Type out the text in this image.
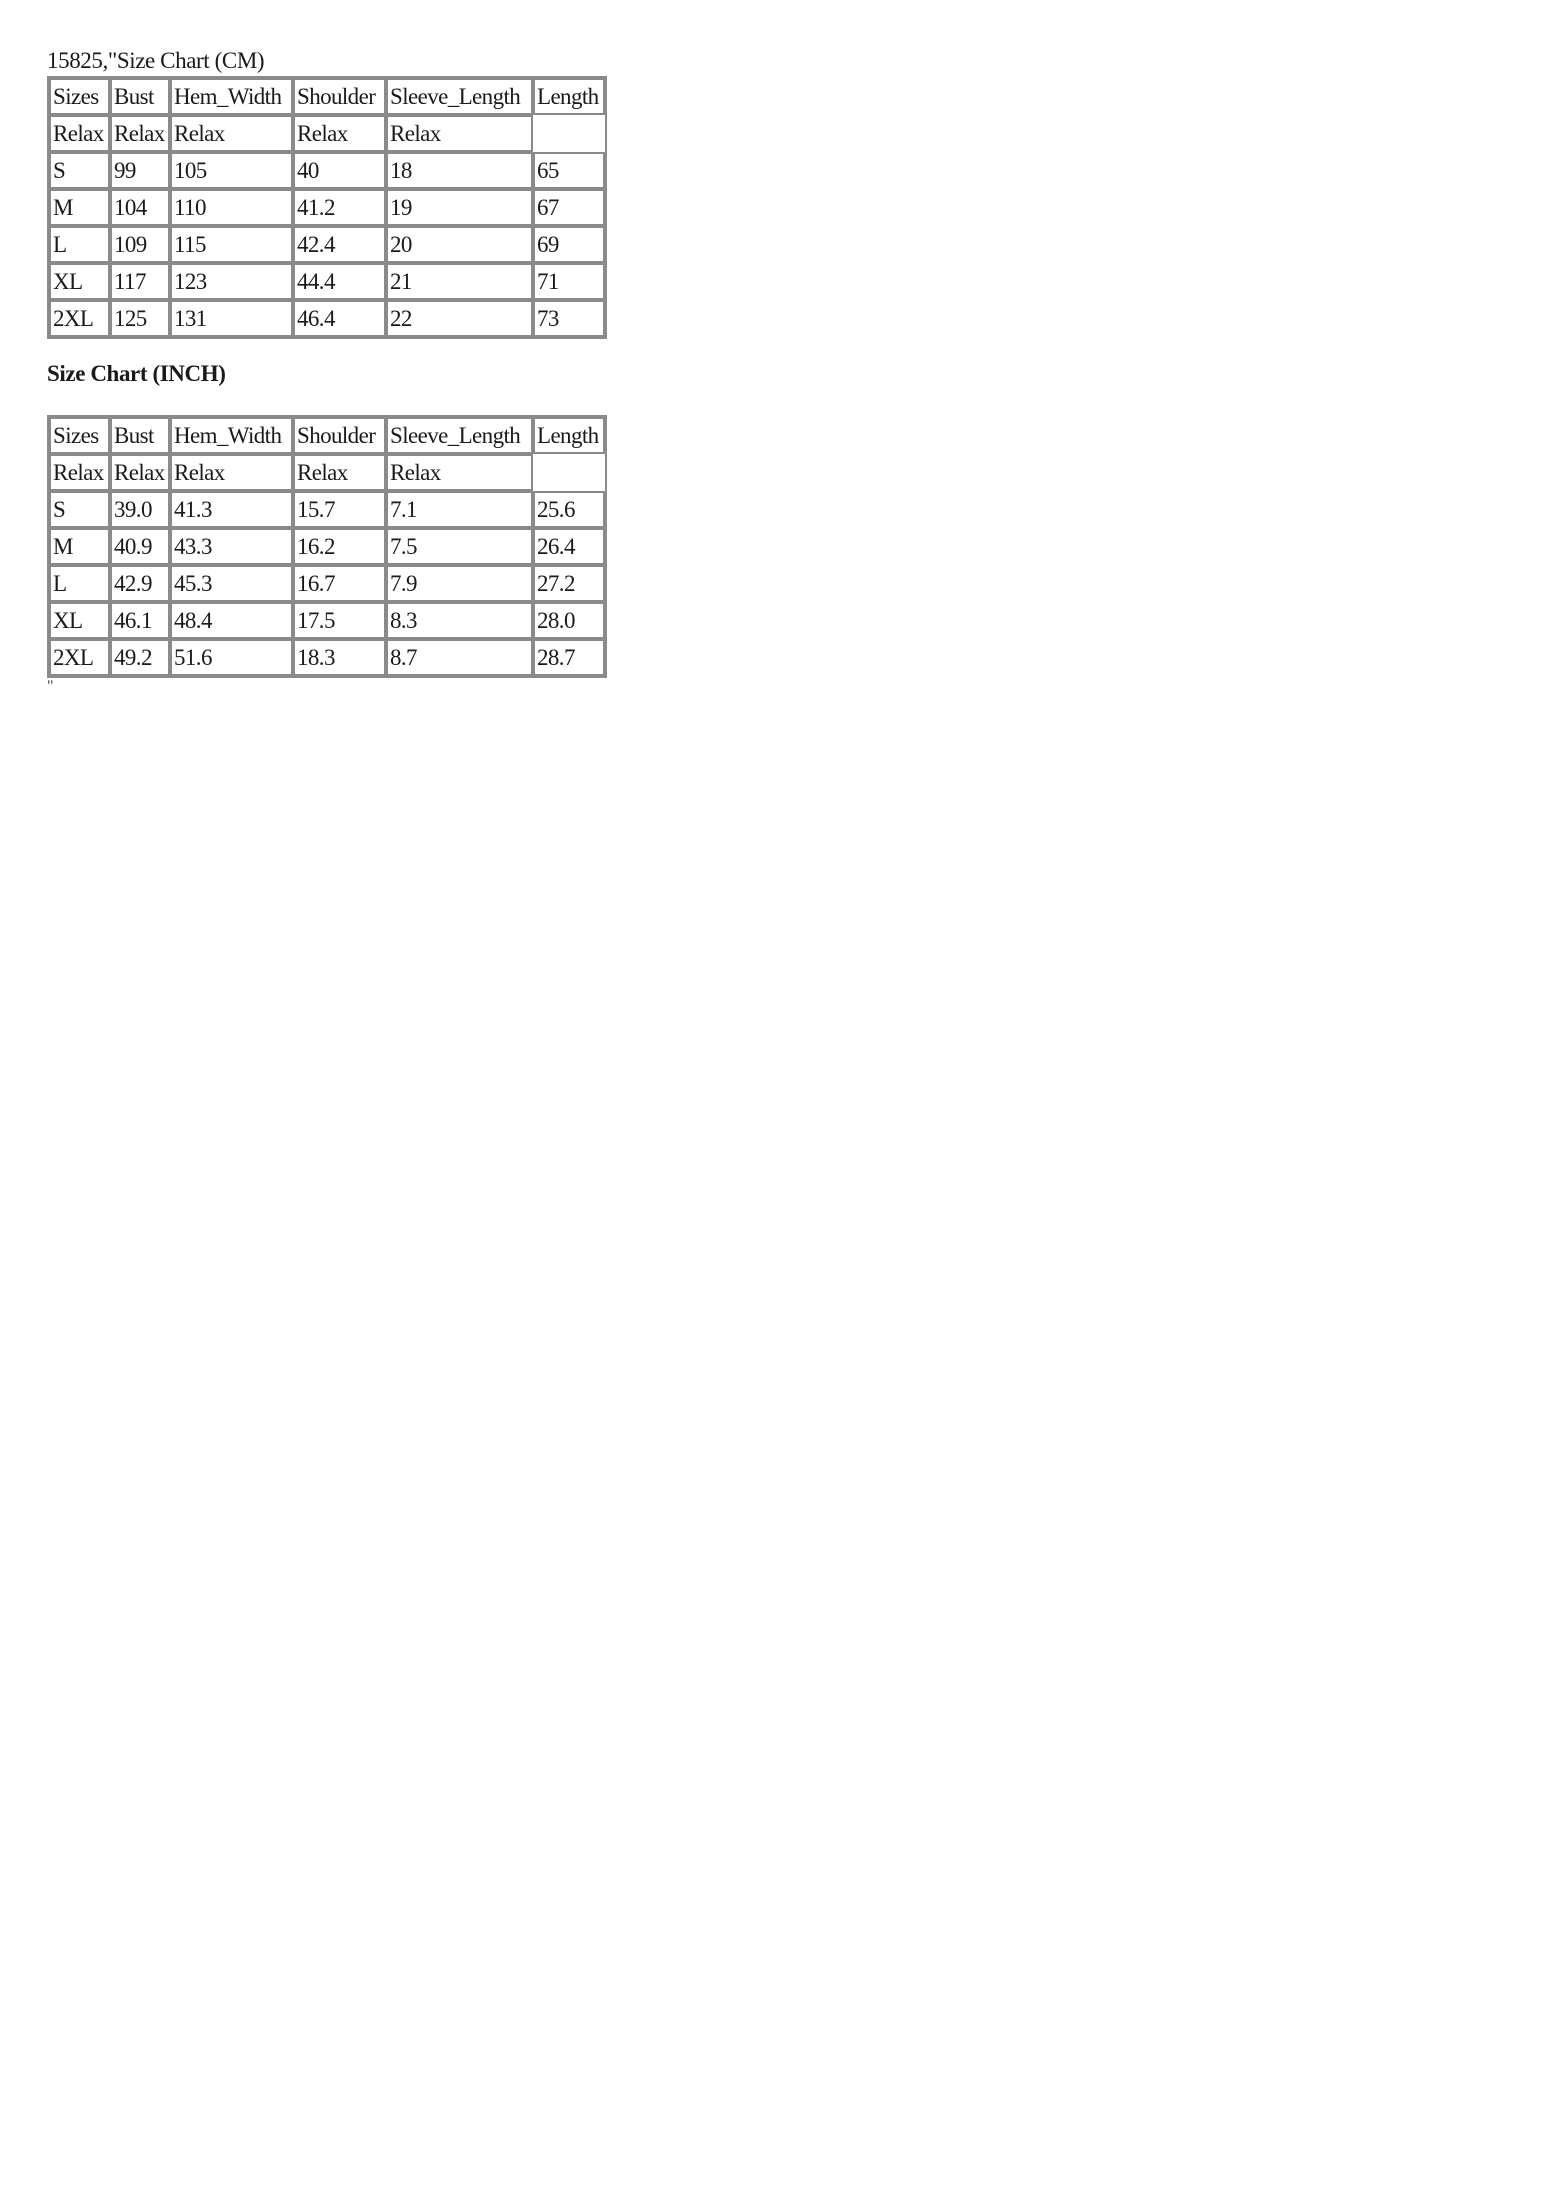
15825,"Size Chart (CM)
Sizes	Bust	Hem_Width	Shoulder	Sleeve_Length	Length
Relax	Relax	Relax	Relax	Relax	
S	99	105	40	18	65
M	104	110	41.2	19	67
L	109	115	42.4	20	69
XL	117	123	44.4	21	71
2XL	125	131	46.4	22	73
Size Chart (INCH)
Sizes	Bust	Hem_Width	Shoulder	Sleeve_Length	Length
Relax	Relax	Relax	Relax	Relax	
S	39.0	41.3	15.7	7.1	25.6
M	40.9	43.3	16.2	7.5	26.4
L	42.9	45.3	16.7	7.9	27.2
XL	46.1	48.4	17.5	8.3	28.0
2XL	49.2	51.6	18.3	8.7	28.7
"
